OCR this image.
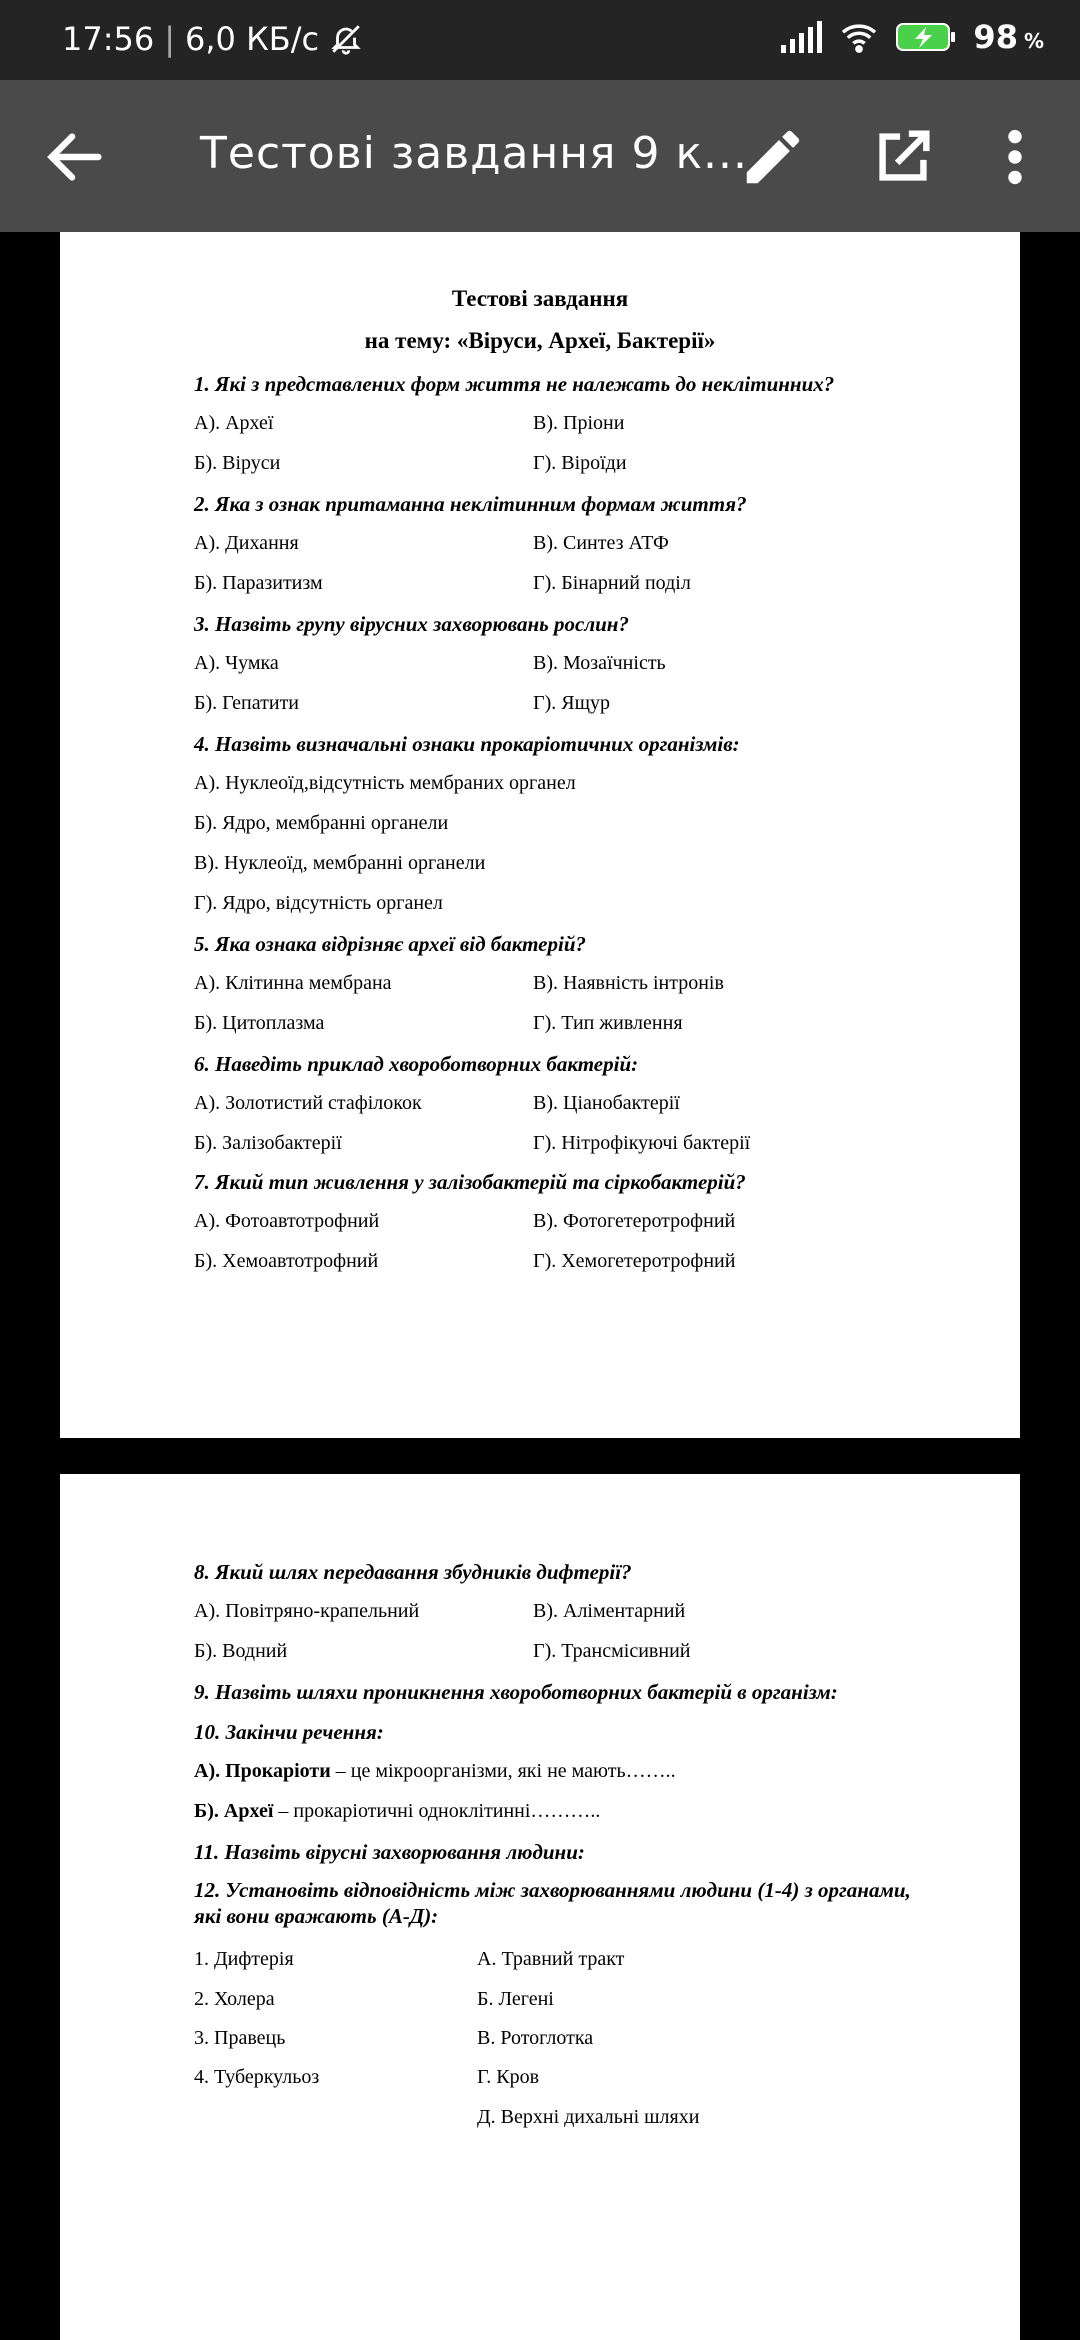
17:56 | 6,0 КБ/с	98 %
Тестові завдання 9 к...
Тестові завдання
на тему: «Віруси, Археї, Бактерії»
1. Які з представлених форм життя не належать до неклітинних?
А). Археї	В). Пріони
Б). Віруси	Г). Віроїди
2. Яка з ознак притаманна неклітинним формам життя?
А). Дихання	В). Синтез АТФ
Б). Паразитизм	Г). Бінарний поділ
3. Назвіть групу вірусних захворювань рослин?
А). Чумка	В). Мозаїчність
Б). Гепатити	Г). Ящур
4. Назвіть визначальні ознаки прокаріотичних організмів:
А). Нуклеоїд,відсутність мембраних органел
Б). Ядро, мембранні органели
В). Нуклеоїд, мембранні органели
Г). Ядро, відсутність органел
5. Яка ознака відрізняє археї від бактерій?
А). Клітинна мембрана	В). Наявність інтронів
Б). Цитоплазма	Г). Тип живлення
6. Наведіть приклад хвороботворних бактерій:
А). Золотистий стафілокок	В). Ціанобактерії
Б). Залізобактерії	Г). Нітрофікуючі бактерії
7. Який тип живлення у залізобактерій та сіркобактерій?
А). Фотоавтотрофний	В). Фотогетеротрофний
Б). Хемоавтотрофний	Г). Хемогетеротрофний
8. Який шлях передавання збудників дифтерії?
А). Повітряно-крапельний	В). Аліментарний
Б). Водний	Г). Трансмісивний
9. Назвіть шляхи проникнення хвороботворних бактерій в організм:
10. Закінчи речення:
А). Прокаріоти – це мікроорганізми, які не мають……..
Б). Археї – прокаріотичні одноклітинні………..
11. Назвіть вірусні захворювання людини:
12. Установіть відповідність між захворюваннями людини (1-4) з органами,
які вони вражають (А-Д):
1. Дифтерія	А. Травний тракт
2. Холера	Б. Легені
3. Правець	В. Ротоглотка
4. Туберкульоз	Г. Кров
Д. Верхні дихальні шляхи
